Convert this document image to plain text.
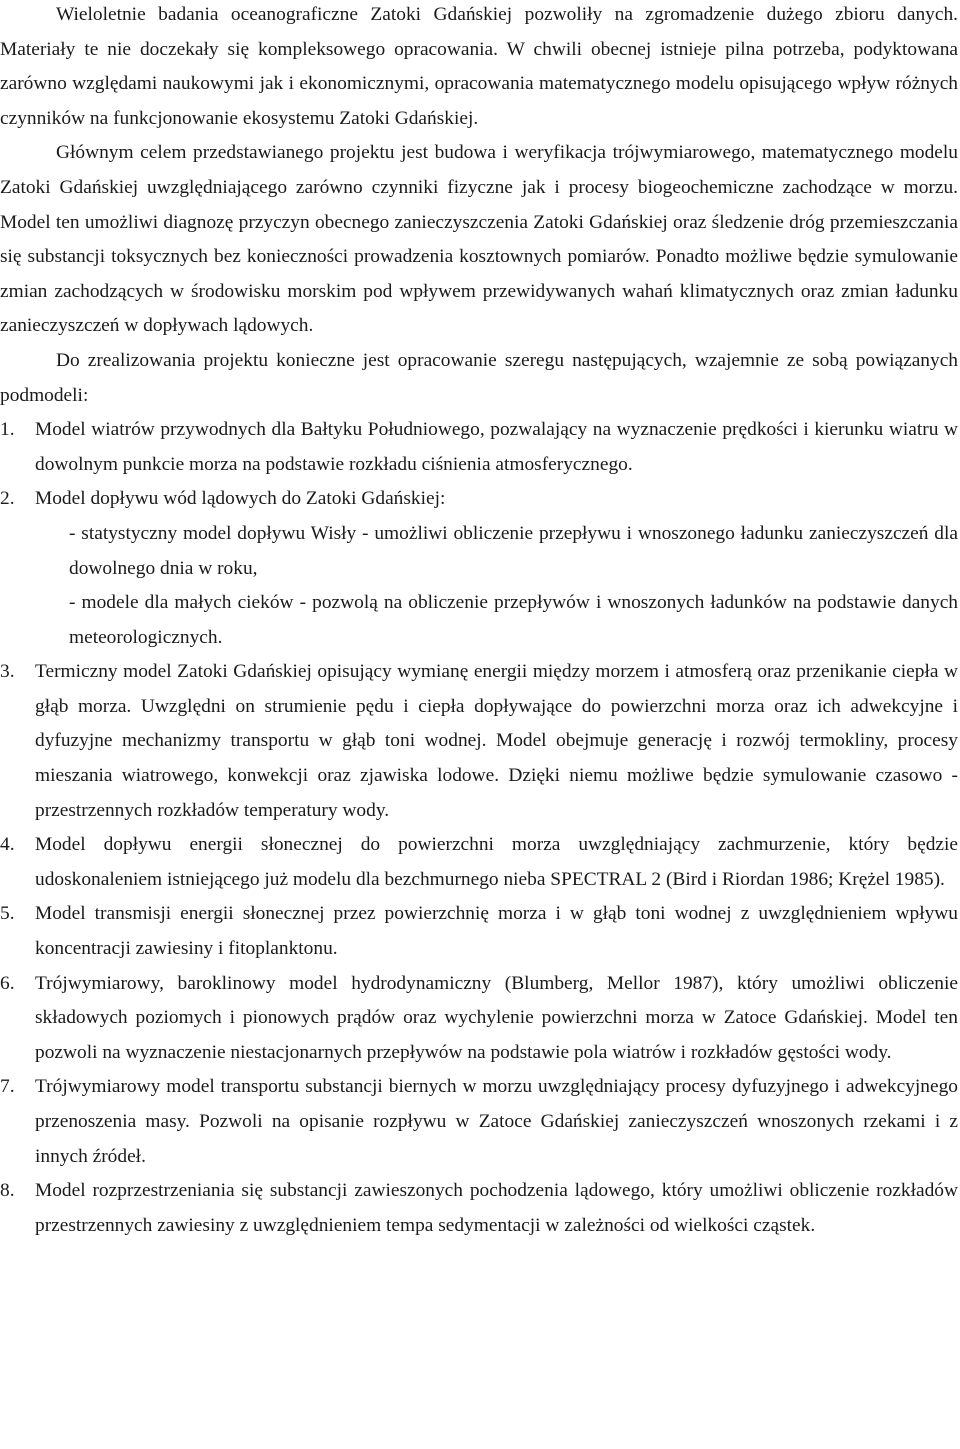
Wieloletnie badania oceanograficzne Zatoki Gdańskiej pozwoliły na zgromadzenie dużego zbioru danych. Materiały te nie doczekały się kompleksowego opracowania. W chwili obecnej istnieje pilna potrzeba, podyktowana zarówno względami naukowymi jak i ekonomicznymi, opracowania matematycznego modelu opisującego wpływ różnych czynników na funkcjonowanie ekosystemu Zatoki Gdańskiej.

Głównym celem przedstawianego projektu jest budowa i weryfikacja trójwymiarowego, matematycznego modelu Zatoki Gdańskiej uwzględniającego zarówno czynniki fizyczne jak i procesy biogeochemiczne zachodzące w morzu. Model ten umożliwi diagnozę przyczyn obecnego zanieczyszczenia Zatoki Gdańskiej oraz śledzenie dróg przemieszczania się substancji toksycznych bez konieczności prowadzenia kosztownych pomiarów. Ponadto możliwe będzie symulowanie zmian zachodzących w środowisku morskim pod wpływem przewidywanych wahań klimatycznych oraz zmian ładunku zanieczyszczeń w dopływach lądowych.

Do zrealizowania projektu konieczne jest opracowanie szeregu następujących, wzajemnie ze sobą powiązanych podmodeli:

1.	Model wiatrów przywodnych dla Bałtyku Południowego, pozwalający na wyznaczenie prędkości i kierunku wiatru w dowolnym punkcie morza na podstawie rozkładu ciśnienia atmosferycznego.
2.	Model dopływu wód lądowych do Zatoki Gdańskiej:
- statystyczny model dopływu Wisły - umożliwi obliczenie przepływu i wnoszonego ładunku zanieczyszczeń dla dowolnego dnia w roku,
- modele dla małych cieków - pozwolą na obliczenie przepływów i wnoszonych ładunków na podstawie danych meteorologicznych.
3.	Termiczny model Zatoki Gdańskiej opisujący wymianę energii między morzem i atmosferą oraz przenikanie ciepła w głąb morza. Uwzględni on strumienie pędu i ciepła dopływające do powierzchni morza oraz ich adwekcyjne i dyfuzyjne mechanizmy transportu w głąb toni wodnej. Model obejmuje generację i rozwój termokliny, procesy mieszania wiatrowego, konwekcji oraz zjawiska lodowe. Dzięki niemu możliwe będzie symulowanie czasowo - przestrzennych rozkładów temperatury wody.
4.	Model dopływu energii słonecznej do powierzchni morza uwzględniający zachmurzenie, który będzie udoskonaleniem istniejącego już modelu dla bezchmurnego nieba SPECTRAL 2 (Bird i Riordan 1986; Krężel 1985).
5.	Model transmisji energii słonecznej przez powierzchnię morza i w głąb toni wodnej z uwzględnieniem wpływu koncentracji zawiesiny i fitoplanktonu.
6.	Trójwymiarowy, baroklinowy model hydrodynamiczny (Blumberg, Mellor 1987), który umożliwi obliczenie składowych poziomych i pionowych prądów oraz wychylenie powierzchni morza w Zatoce Gdańskiej. Model ten pozwoli na wyznaczenie niestacjonarnych przepływów na podstawie pola wiatrów i rozkładów gęstości wody.
7.	Trójwymiarowy model transportu substancji biernych w morzu uwzględniający procesy dyfuzyjnego i adwekcyjnego przenoszenia masy. Pozwoli na opisanie rozpływu w Zatoce Gdańskiej zanieczyszczeń wnoszonych rzekami i z innych źródeł.
8.	Model rozprzestrzeniania się substancji zawieszonych pochodzenia lądowego, który umożliwi obliczenie rozkładów przestrzennych zawiesiny z uwzględnieniem tempa sedymentacji w zależności od wielkości cząstek.
